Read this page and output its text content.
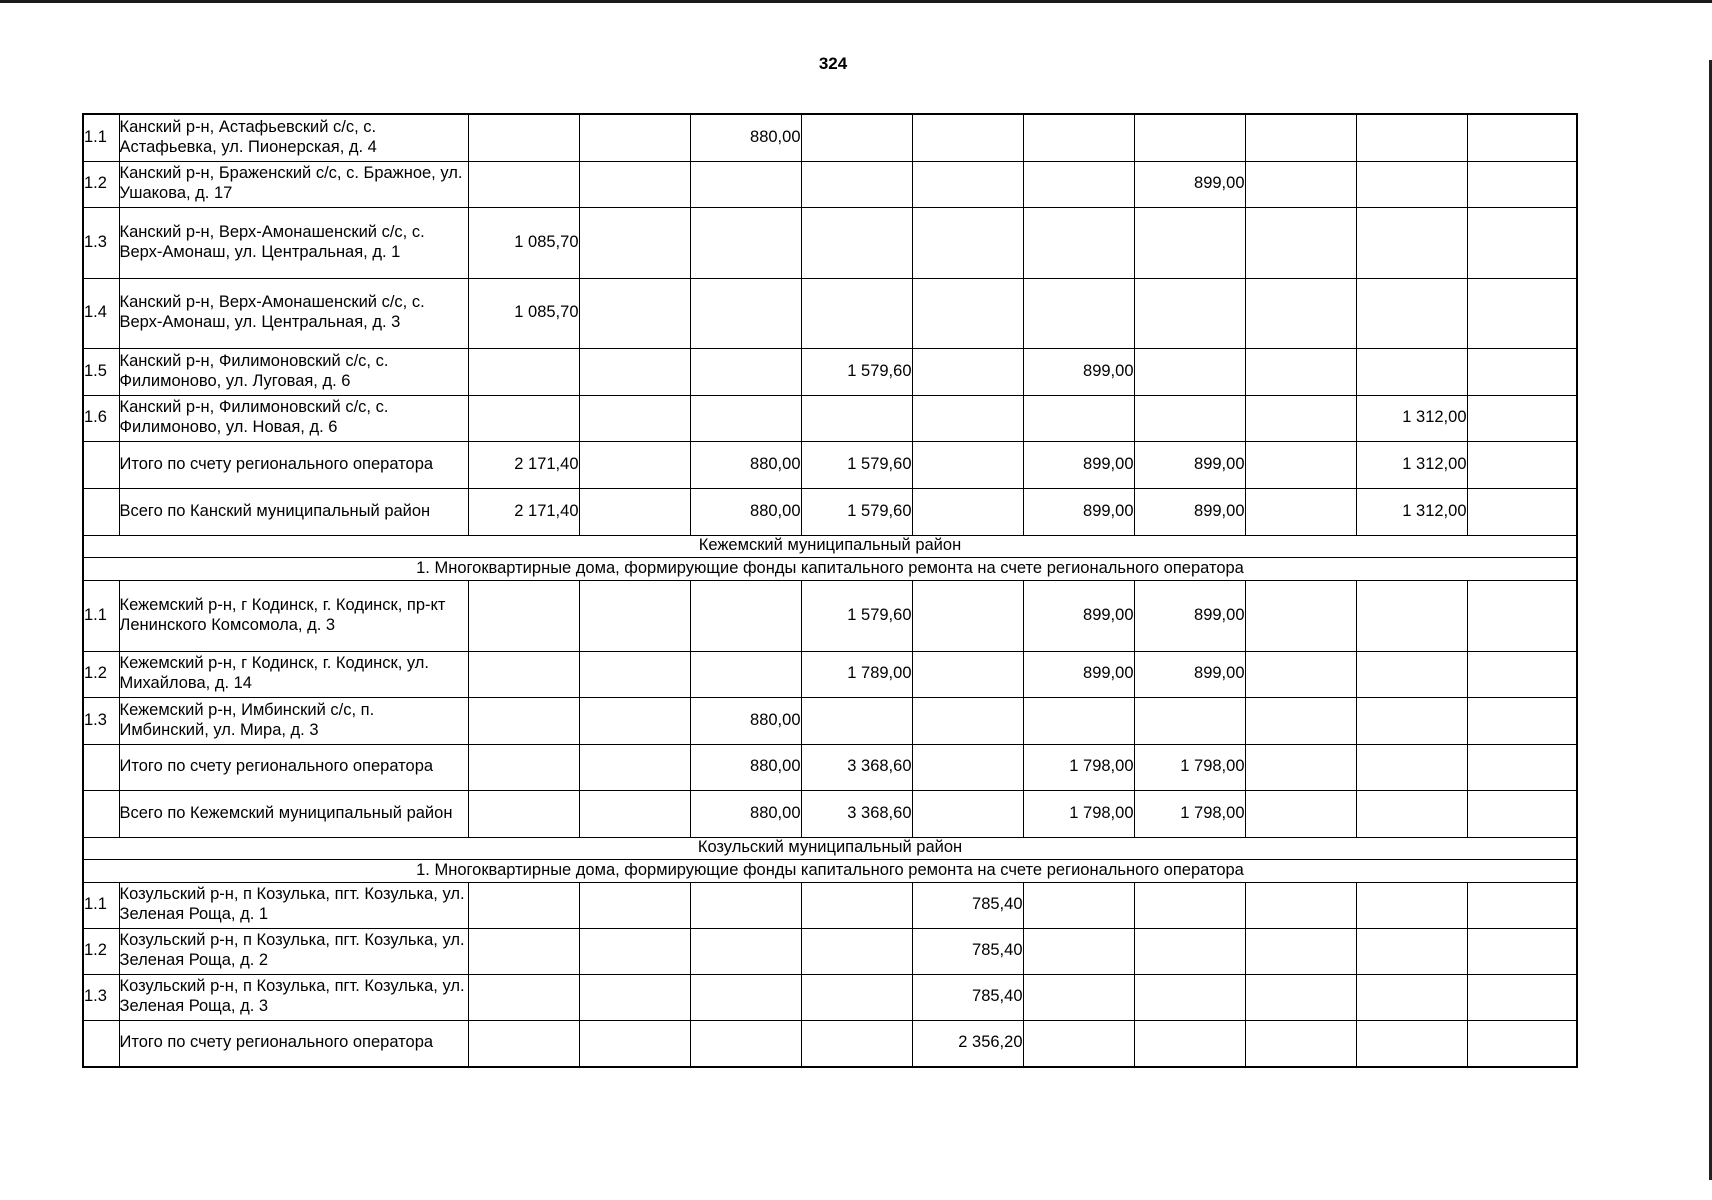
324
1.1	Канский р-н, Астафьевский с/с, с. Астафьевка, ул. Пионерская, д. 4			880,00							
1.2	Канский р-н, Браженский с/с, с. Бражное, ул. Ушакова, д. 17							899,00			
1.3	Канский р-н, Верх-Амонашенский с/с, с. Верх-Амонаш, ул. Центральная, д. 1	1 085,70									
1.4	Канский р-н, Верх-Амонашенский с/с, с. Верх-Амонаш, ул. Центральная, д. 3	1 085,70									
1.5	Канский р-н, Филимоновский с/с, с. Филимоново, ул. Луговая, д. 6				1 579,60		899,00				
1.6	Канский р-н, Филимоновский с/с, с. Филимоново, ул. Новая, д. 6									1 312,00	
	Итого по счету регионального оператора	2 171,40		880,00	1 579,60		899,00	899,00		1 312,00	
	Всего по Канский муниципальный район	2 171,40		880,00	1 579,60		899,00	899,00		1 312,00	
Кежемский муниципальный район											
1. Многоквартирные дома, формирующие фонды капитального ремонта на счете регионального оператора											
1.1	Кежемский р-н, г Кодинск, г. Кодинск, пр-кт Ленинского Комсомола, д. 3				1 579,60		899,00	899,00			
1.2	Кежемский р-н, г Кодинск, г. Кодинск, ул. Михайлова, д. 14				1 789,00		899,00	899,00			
1.3	Кежемский р-н, Имбинский с/с, п. Имбинский, ул. Мира, д. 3			880,00							
	Итого по счету регионального оператора			880,00	3 368,60		1 798,00	1 798,00			
	Всего по Кежемский муниципальный район			880,00	3 368,60		1 798,00	1 798,00			
Козульский муниципальный район											
1. Многоквартирные дома, формирующие фонды капитального ремонта на счете регионального оператора											
1.1	Козульский р-н, п Козулька, пгт. Козулька, ул. Зеленая Роща, д. 1					785,40					
1.2	Козульский р-н, п Козулька, пгт. Козулька, ул. Зеленая Роща, д. 2					785,40					
1.3	Козульский р-н, п Козулька, пгт. Козулька, ул. Зеленая Роща, д. 3					785,40					
	Итого по счету регионального оператора					2 356,20					
